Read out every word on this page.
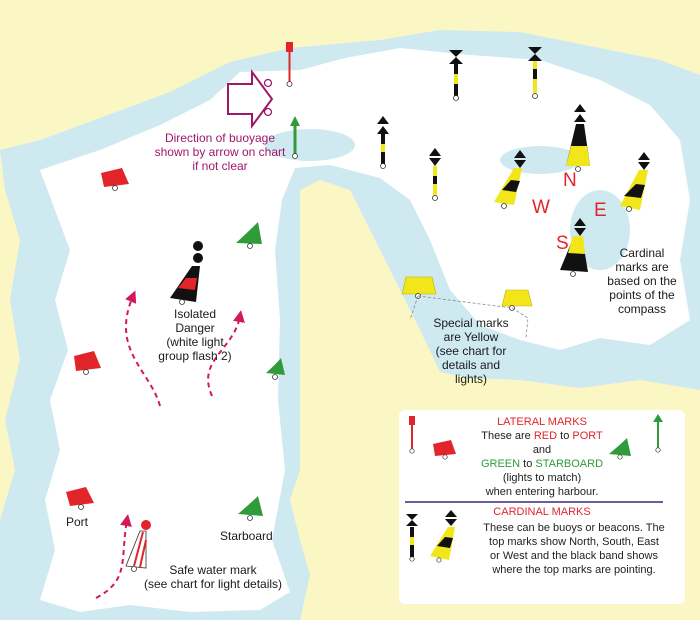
Direction of buoyage
shown by arrow on chart
if not clear
Isolated
Danger
(white light
group flash 2)
Special marks
are Yellow
(see chart for
details and
lights)
Cardinal
marks are
based on the
points of the
compass
N
E
W
S
Port
Starboard
Safe water mark
(see chart for light details)
LATERAL MARKS
These are RED to PORT
and
GREEN to STARBOARD
(lights to match)
when entering harbour.
CARDINAL MARKS
These can be buoys or beacons. The
top marks show North, South, East
or West and the black band shows
where the top marks are pointing.
